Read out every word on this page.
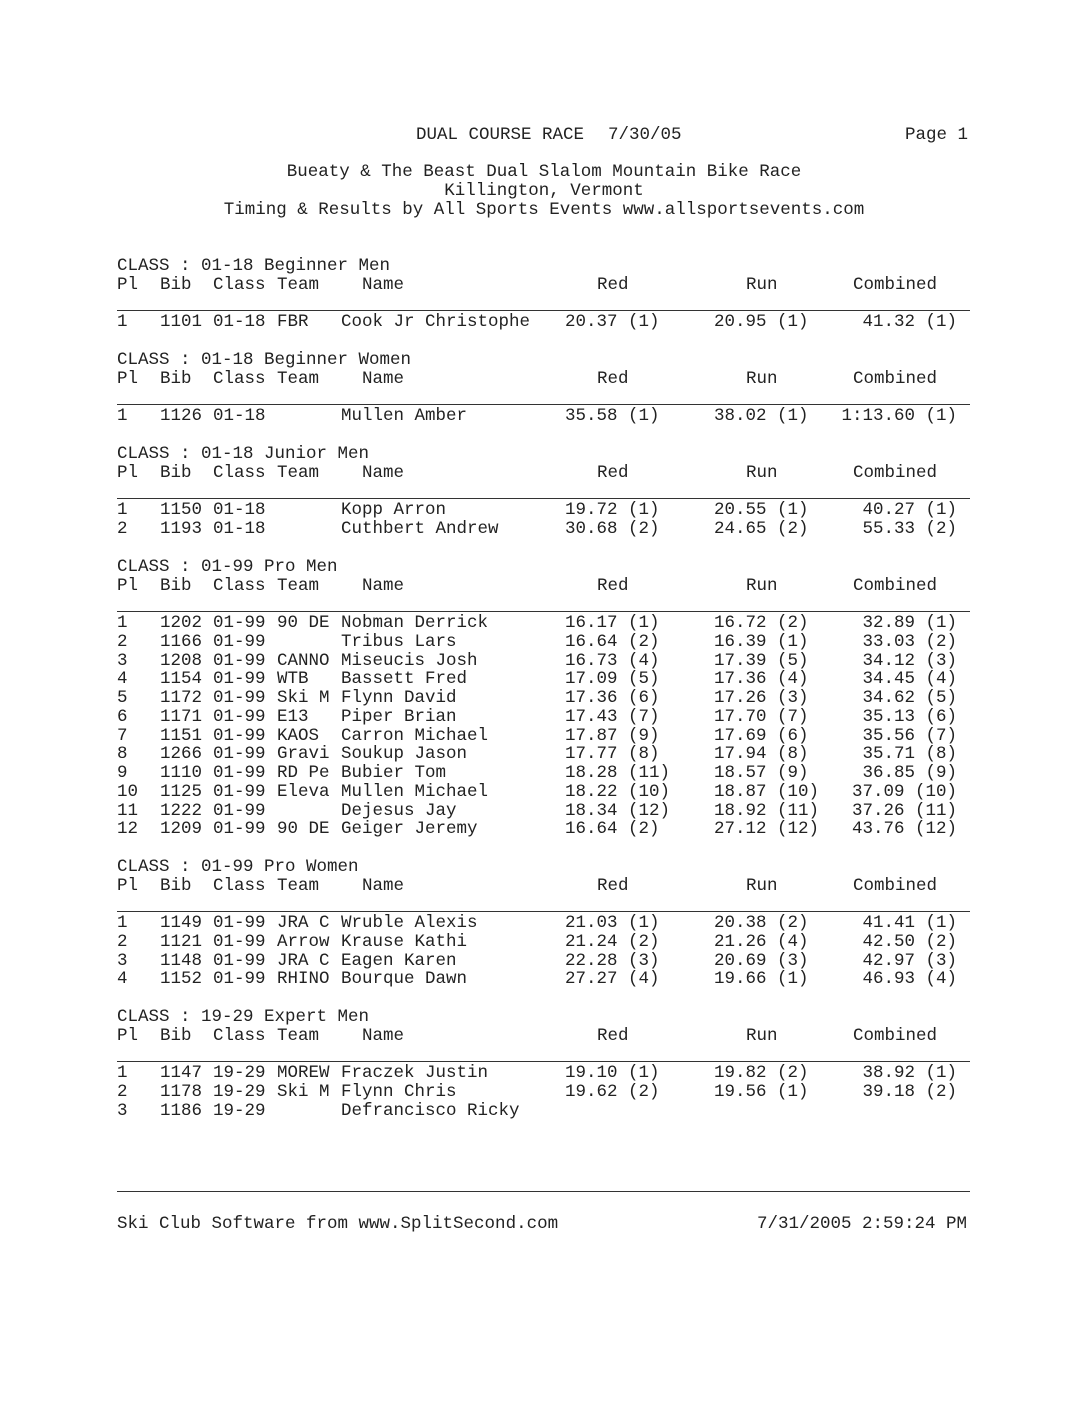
DUAL COURSE RACE 7/30/05	Page 1
Bueaty & The Beast Dual Slalom Mountain Bike Race
Killington, Vermont
Timing & Results by All Sports Events www.allsportsevents.com
CLASS : 01-18 Beginner Men
Pl Bib Class Team Name	Red	Run	Combined
1 1101 01-18 FBR Cook Jr Christophe 20.37 (1)	20.95 (1)	41.32 (1)
CLASS : 01-18 Beginner Women
Pl Bib Class Team Name	Red	Run	Combined
1 1126 01-18	Mullen Amber	35.58 (1)	38.02 (1) 1:13.60 (1)
CLASS : 01-18 Junior Men
Pl Bib Class Team Name	Red	Run	Combined
1 1150 01-18	Kopp Arron	19.72 (1)	20.55 (1)	40.27 (1)
2 1193 01-18	Cuthbert Andrew	30.68 (2)	24.65 (2)	55.33 (2)
CLASS : 01-99 Pro Men
Pl Bib Class Team Name	Red	Run	Combined
1 1202 01-99 90 DE Nobman Derrick	16.17 (1)	16.72 (2)	32.89 (1)
2 1166 01-99	Tribus Lars	16.64 (2)	16.39 (1)	33.03 (2)
3 1208 01-99 CANNO Miseucis Josh	16.73 (4)	17.39 (5)	34.12 (3)
4 1154 01-99 WTB Bassett Fred	17.09 (5)	17.36 (4)	34.45 (4)
5 1172 01-99 Ski M Flynn David	17.36 (6)	17.26 (3)	34.62 (5)
6 1171 01-99 E13 Piper Brian	17.43 (7)	17.70 (7)	35.13 (6)
7 1151 01-99 KAOS Carron Michael	17.87 (9)	17.69 (6)	35.56 (7)
8 1266 01-99 Gravi Soukup Jason	17.77 (8)	17.94 (8)	35.71 (8)
9 1110 01-99 RD Pe Bubier Tom	18.28 (11)	18.57 (9)	36.85 (9)
10 1125 01-99 Eleva Mullen Michael	18.22 (10)	18.87 (10) 37.09 (10)
11 1222 01-99	Dejesus Jay	18.34 (12)	18.92 (11) 37.26 (11)
12 1209 01-99 90 DE Geiger Jeremy	16.64 (2)	27.12 (12) 43.76 (12)
CLASS : 01-99 Pro Women
Pl Bib Class Team Name	Red	Run	Combined
1 1149 01-99 JRA C Wruble Alexis	21.03 (1)	20.38 (2)	41.41 (1)
2 1121 01-99 Arrow Krause Kathi	21.24 (2)	21.26 (4)	42.50 (2)
3 1148 01-99 JRA C Eagen Karen	22.28 (3)	20.69 (3)	42.97 (3)
4 1152 01-99 RHINO Bourque Dawn	27.27 (4)	19.66 (1)	46.93 (4)
CLASS : 19-29 Expert Men
Pl Bib Class Team Name	Red	Run	Combined
1 1147 19-29 MOREW Fraczek Justin	19.10 (1)	19.82 (2)	38.92 (1)
2 1178 19-29 Ski M Flynn Chris	19.62 (2)	19.56 (1)	39.18 (2)
3 1186 19-29	Defrancisco Ricky
Ski Club Software from www.SplitSecond.com	7/31/2005 2:59:24 PM
